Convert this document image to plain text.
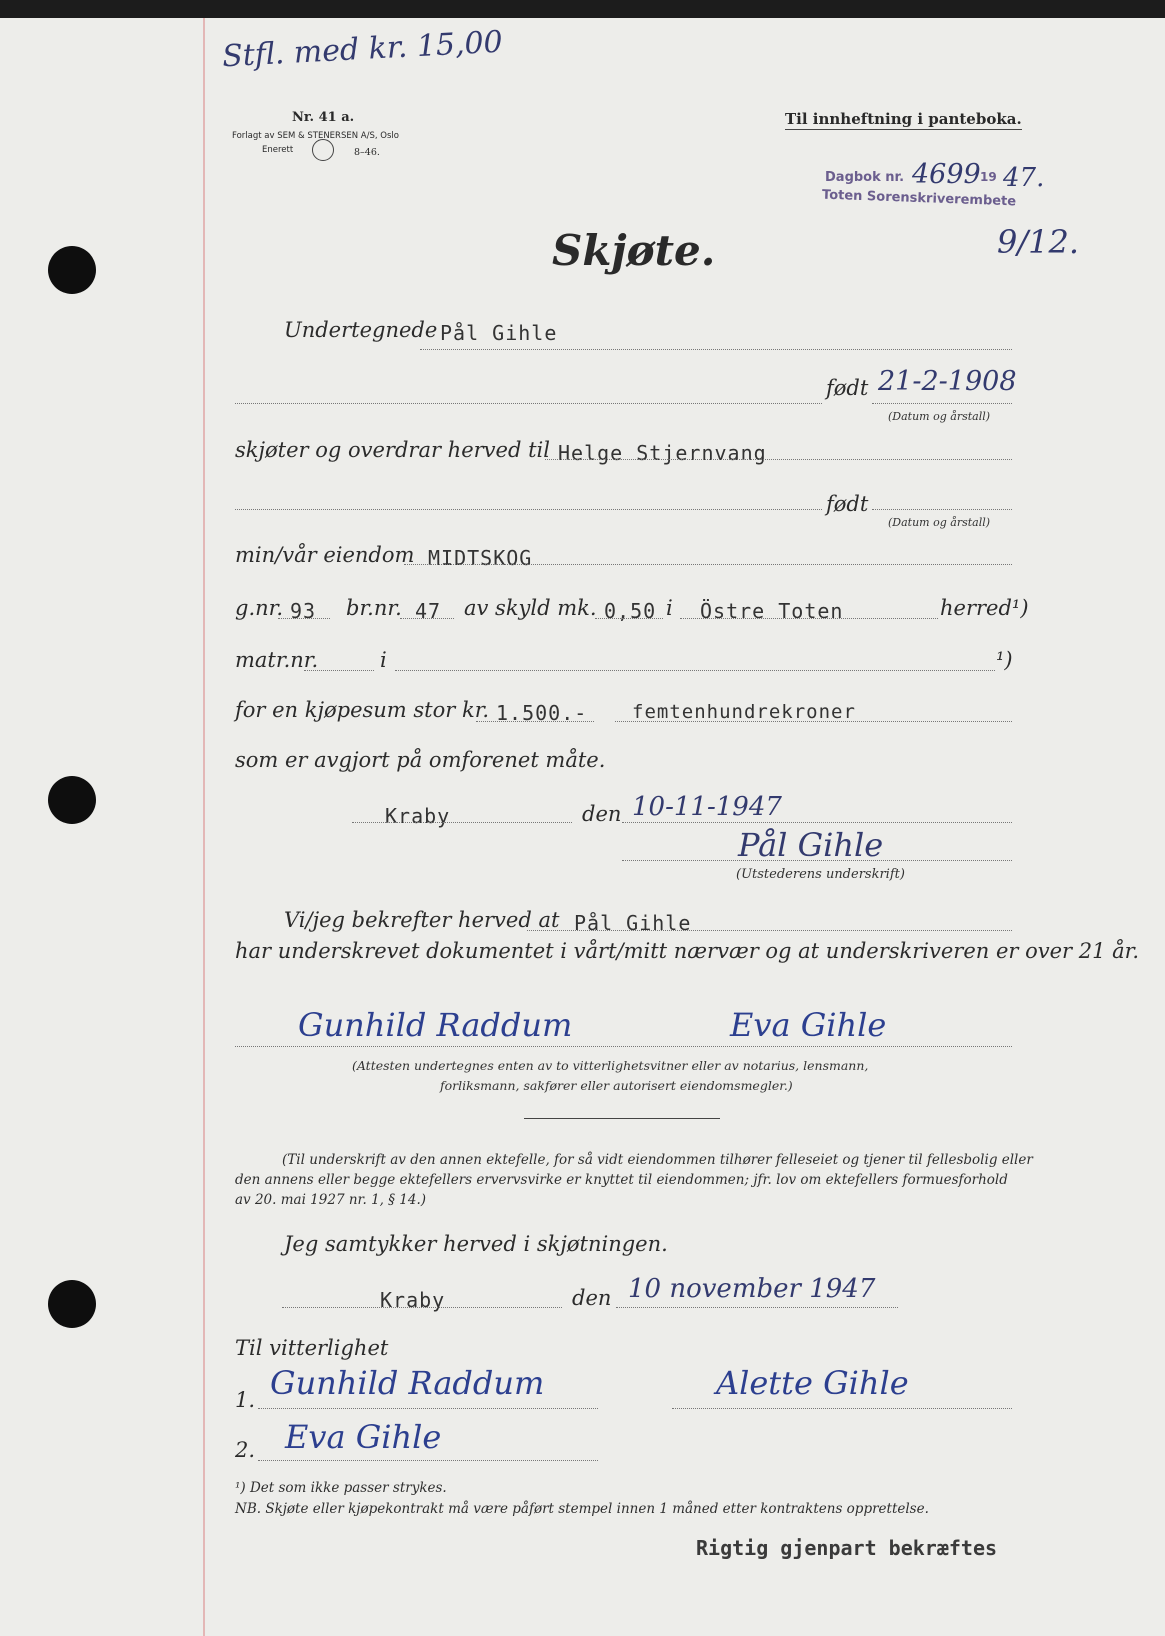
Stfl. med kr. 15,00
Nr. 41 a.
Forlagt av SEM & STENERSEN A/S, Oslo
Enerett	8–46.
Til innheftning i panteboka.
Dagbok nr. 4699 19 47.
Toten Sorenskriverembete
9/12.
Skjøte.
Undertegnede Pål Gihle
født 21-2-1908
(Datum og årstall)
skjøter og overdrar herved til Helge Stjernvang
født
(Datum og årstall)
min/vår eiendom MIDTSKOG
g.nr. 93 br.nr. 47 av skyld mk. 0,50 i Östre Toten	herred¹)
matr.nr.	i	¹)
for en kjøpesum stor kr. 1.500.- femtenhundrekroner
som er avgjort på omforenet måte.
Kraby	den 10-11-1947
Pål Gihle
(Utstederens underskrift)
Vi/jeg bekrefter herved at Pål Gihle
har underskrevet dokumentet i vårt/mitt nærvær og at underskriveren er over 21 år.
Gunhild Raddum	Eva Gihle
(Attesten undertegnes enten av to vitterlighetsvitner eller av notarius, lensmann,
forliksmann, sakfører eller autorisert eiendomsmegler.)
(Til underskrift av den annen ektefelle, for så vidt eiendommen tilhører felleseiet og tjener til fellesbolig eller
den annens eller begge ektefellers ervervsvirke er knyttet til eiendommen; jfr. lov om ektefellers formuesforhold
av 20. mai 1927 nr. 1, § 14.)
Jeg samtykker herved i skjøtningen.
Kraby	den 10 november 1947
Til vitterlighet
1. Gunhild Raddum	Alette Gihle
2. Eva Gihle
¹) Det som ikke passer strykes.
NB. Skjøte eller kjøpekontrakt må være påført stempel innen 1 måned etter kontraktens opprettelse.
Rigtig gjenpart bekræftes
